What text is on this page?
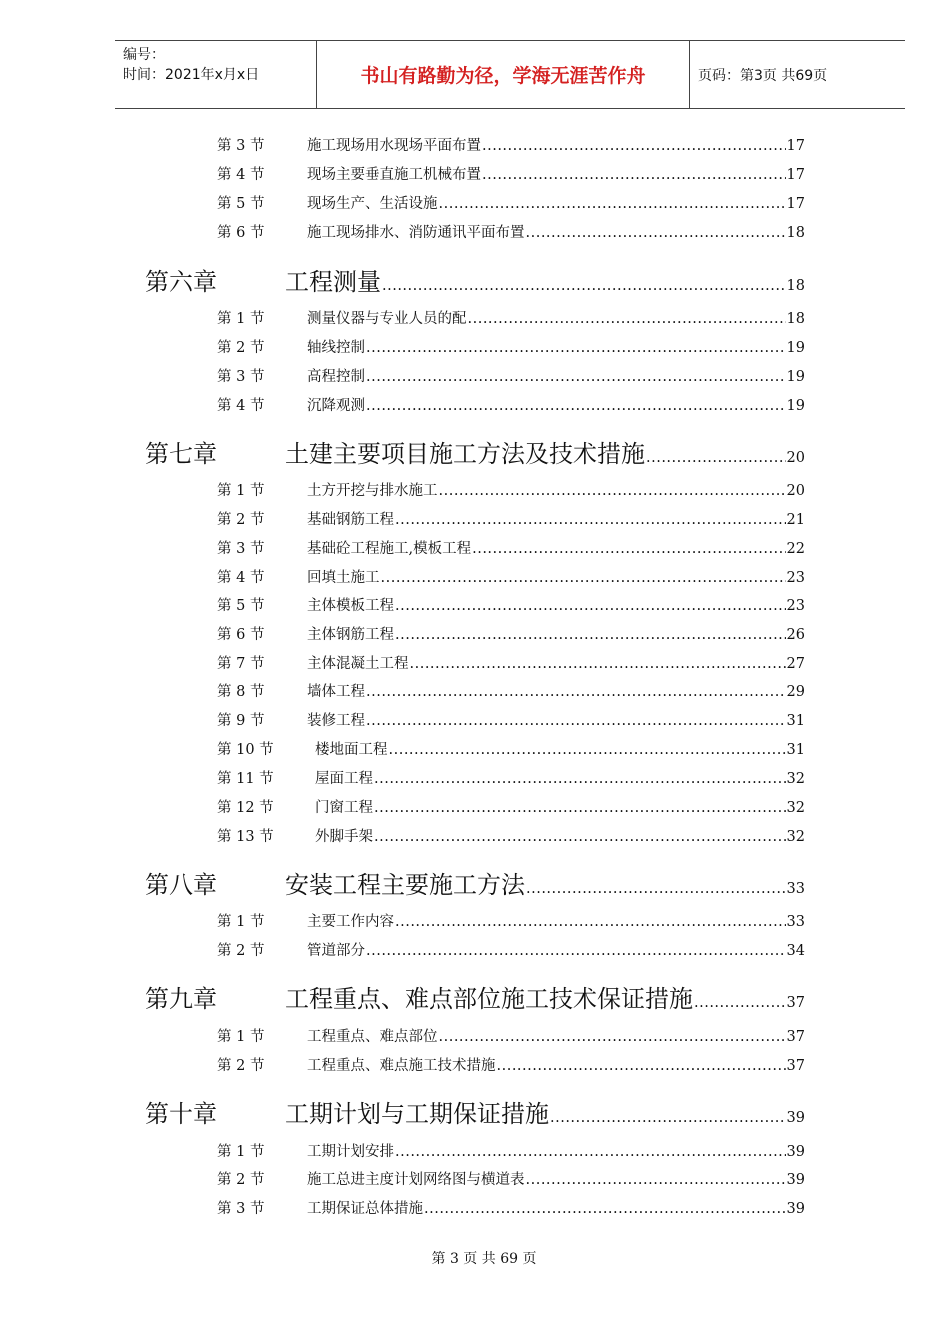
编号：
时间：2021年x月x日	书山有路勤为径，学海无涯苦作舟	页码：第3页 共69页
第 3 节	施工现场用水现场平面布置 .....	17
第 4 节	现场主要垂直施工机械布置 .....	17
第 5 节	现场生产、生活设施 .....	17
第 6 节	施工现场排水、消防通讯平面布置 .....	18
第六章	工程测量 .....	18
第 1 节	测量仪器与专业人员的配 .....	18
第 2 节	轴线控制 .....	19
第 3 节	高程控制 .....	19
第 4 节	沉降观测 .....	19
第七章	土建主要项目施工方法及技术措施 .....	20
第 1 节	土方开挖与排水施工 .....	20
第 2 节	基础钢筋工程 .....	21
第 3 节	基础砼工程施工,模板工程 .....	22
第 4 节	回填土施工 .....	23
第 5 节	主体模板工程 .....	23
第 6 节	主体钢筋工程 .....	26
第 7 节	主体混凝土工程 .....	27
第 8 节	墙体工程 .....	29
第 9 节	装修工程 .....	31
第 10 节	楼地面工程 .....	31
第 11 节	屋面工程 .....	32
第 12 节	门窗工程 .....	32
第 13 节	外脚手架 .....	32
第八章	安装工程主要施工方法 .....	33
第 1 节	主要工作内容 .....	33
第 2 节	管道部分 .....	34
第九章	工程重点、难点部位施工技术保证措施 .....	37
第 1 节	工程重点、难点部位 .....	37
第 2 节	工程重点、难点施工技术措施 .....	37
第十章	工期计划与工期保证措施 .....	39
第 1 节	工期计划安排 .....	39
第 2 节	施工总进主度计划网络图与横道表 .....	39
第 3 节	工期保证总体措施 .....	39
第 3 页 共 69 页
